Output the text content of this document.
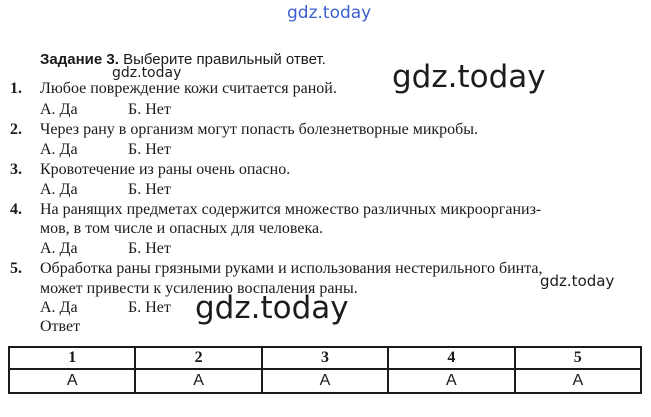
gdz.today
Задание 3. Выберите правильный ответ.
gdz.today	gdz.today
1. Любое повреждение кожи считается раной.
А. Да	Б. Нет
2. Через рану в организм могут попасть болезнетворные микробы.
А. Да	Б. Нет
3. Кровотечение из раны очень опасно.
А. Да	Б. Нет
4. На ранящих предметах содержится множество различных микроорганиз-
мов, в том числе и опасных для человека.
А. Да	Б. Нет
5. Обработка раны грязными руками и использования нестерильного бинта,
gdz.today
может привести к усилению воспаления раны.
А. Да	Б. Нет gdz.today
Ответ
1	2	3	4	5
А	А	А	А	А
